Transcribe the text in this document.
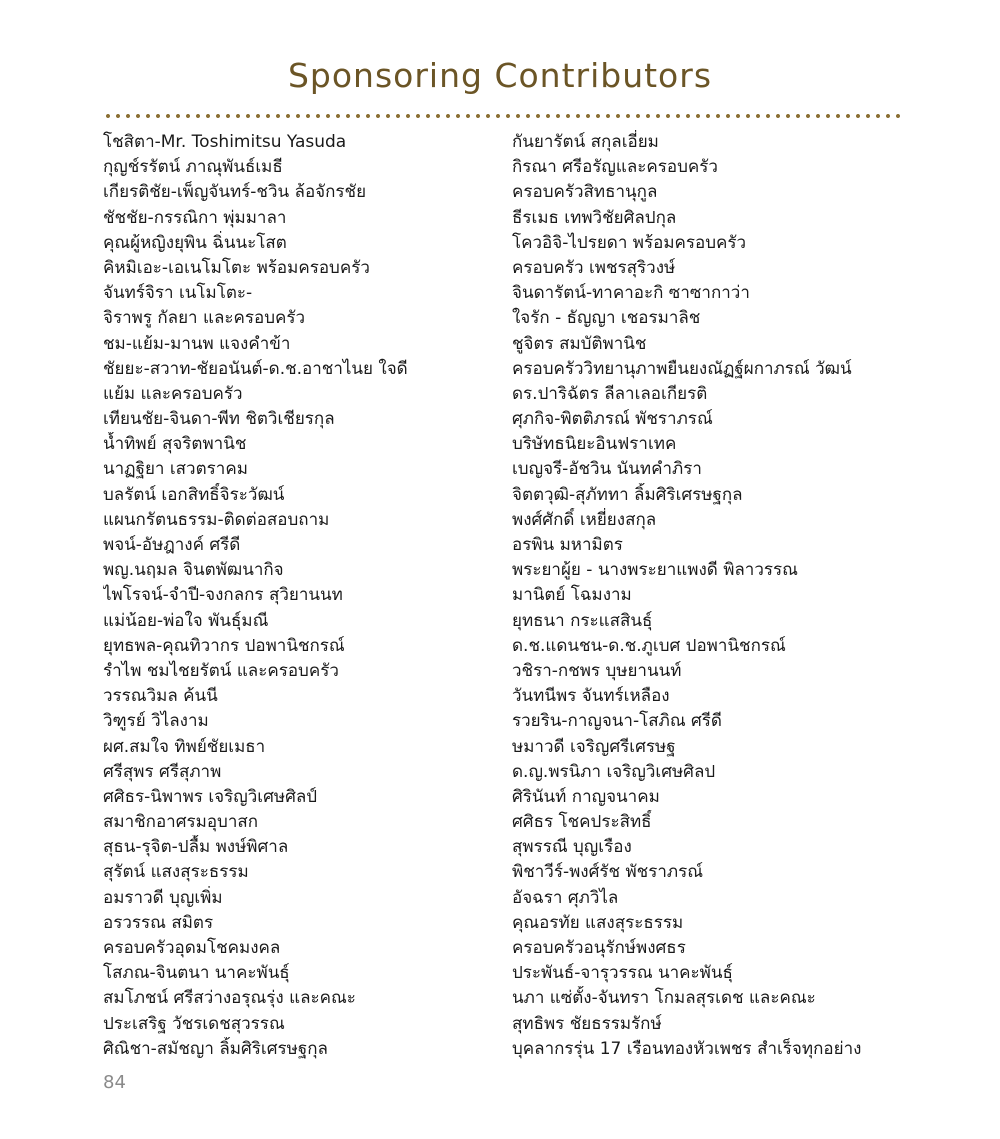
Sponsoring Contributors
โชสิตา-Mr. Toshimitsu Yasuda
กุญช์รรัตน์ ภาณุพันธ์เมธี
เกียรติชัย-เพ็ญจันทร์-ชวิน ล้อจักรชัย
ชัชชัย-กรรณิกา พุ่มมาลา
คุณผู้หญิงยุพิน ฉิ่นนะโสต
คิหมิเอะ-เอเนโมโตะ พร้อมครอบครัว
จันทร์จิรา เนโมโตะ-
จิราพรู กัลยา และครอบครัว
ชม-แย้ม-มานพ แจงคำข้า
ชัยยะ-สวาท-ชัยอนันต์-ด.ช.อาชาไนย ใจดี
แย้ม และครอบครัว
เทียนชัย-จินดา-พีท ชิตวิเชียรกุล
น้ำทิพย์ สุจริตพานิช
นาฏฐิยา เสวตราคม
บลรัตน์ เอกสิทธิ์จิระวัฒน์
แผนกรัตนธรรม-ติดต่อสอบถาม
พจน์-อัษฎางค์ ศรีดี
พญ.นฤมล จินตพัฒนากิจ
ไพโรจน์-จำปี-จงกลกร สุวิยานนท
แม่น้อย-พ่อใจ พันธุ์มณี
ยุทธพล-คุณทิวากร ปอพานิชกรณ์
รำไพ ชมไชยรัตน์ และครอบครัว
วรรณวิมล ค้นนี
วิฑูรย์ วิไลงาม
ผศ.สมใจ ทิพย์ชัยเมธา
ศรีสุพร ศรีสุภาพ
ศศิธร-นิพาพร เจริญวิเศษศิลป์
สมาชิกอาศรมอุบาสก
สุธน-รุจิต-ปลื้ม พงษ์พิศาล
สุรัตน์ แสงสุระธรรม
อมราวดี บุญเพิ่ม
อรวรรณ สมิตร
ครอบครัวอุดมโชคมงคล
โสภณ-จินตนา นาคะพันธุ์
สมโภชน์ ศรีสว่างอรุณรุ่ง และคณะ
ประเสริฐ วัชรเดชสุวรรณ
ศิณิชา-สมัชญา ลิ้มศิริเศรษฐกุล
กันยารัตน์ สกุลเอี่ยม
กิรณา ศรีอรัญและครอบครัว
ครอบครัวสิทธานุกูล
ธีรเมธ เทพวิชัยศิลปกุล
โควอิจิ-ไปรยดา พร้อมครอบครัว
ครอบครัว เพชรสุริวงษ์
จินดารัตน์-ทาคาอะกิ ซาซากาว่า
ใจรัก - ธัญญา เชอรมาลิช
ชูจิตร สมบัติพานิช
ครอบครัววิทยานุภาพยืนยงณัฏฐ์ผกาภรณ์ วัฒน์
ดร.ปาริฉัตร ลีลาเลอเกียรติ
ศุภกิจ-พิตติภรณ์ พัชราภรณ์
บริษัทธนิยะอินฟราเทค
เบญจรี-อัชวิน นันทคำภิรา
จิตตวุฒิ-สุภัททา ลิ้มศิริเศรษฐกุล
พงศ์ศักดิ์ เหยี่ยงสกุล
อรพิน มหามิตร
พระยาผู้ย - นางพระยาแพงดี พิลาวรรณ
มานิตย์ โฉมงาม
ยุทธนา กระแสสินธุ์
ด.ช.แดนชน-ด.ช.ภูเบศ ปอพานิชกรณ์
วชิรา-กชพร บุษยานนท์
วันทนีพร จันทร์เหลือง
รวยริน-กาญจนา-โสภิณ ศรีดี
ษมาวดี เจริญศรีเศรษฐ
ด.ญ.พรนิภา เจริญวิเศษศิลป
ศิรินันท์ กาญจนาคม
ศศิธร โชคประสิทธิ์
สุพรรณี บุญเรือง
พิชาวีร์-พงศ์รัช พัชราภรณ์
อัจฉรา ศุภวิไล
คุณอรทัย แสงสุระธรรม
ครอบครัวอนุรักษ์พงศธร
ประพันธ์-จารุวรรณ นาคะพันธุ์
นภา แซ่ตั้ง-จันทรา โกมลสุรเดช และคณะ
สุทธิพร ชัยธรรมรักษ์
บุคลากรรุ่น 17 เรือนทองหัวเพชร สำเร็จทุกอย่าง
84
